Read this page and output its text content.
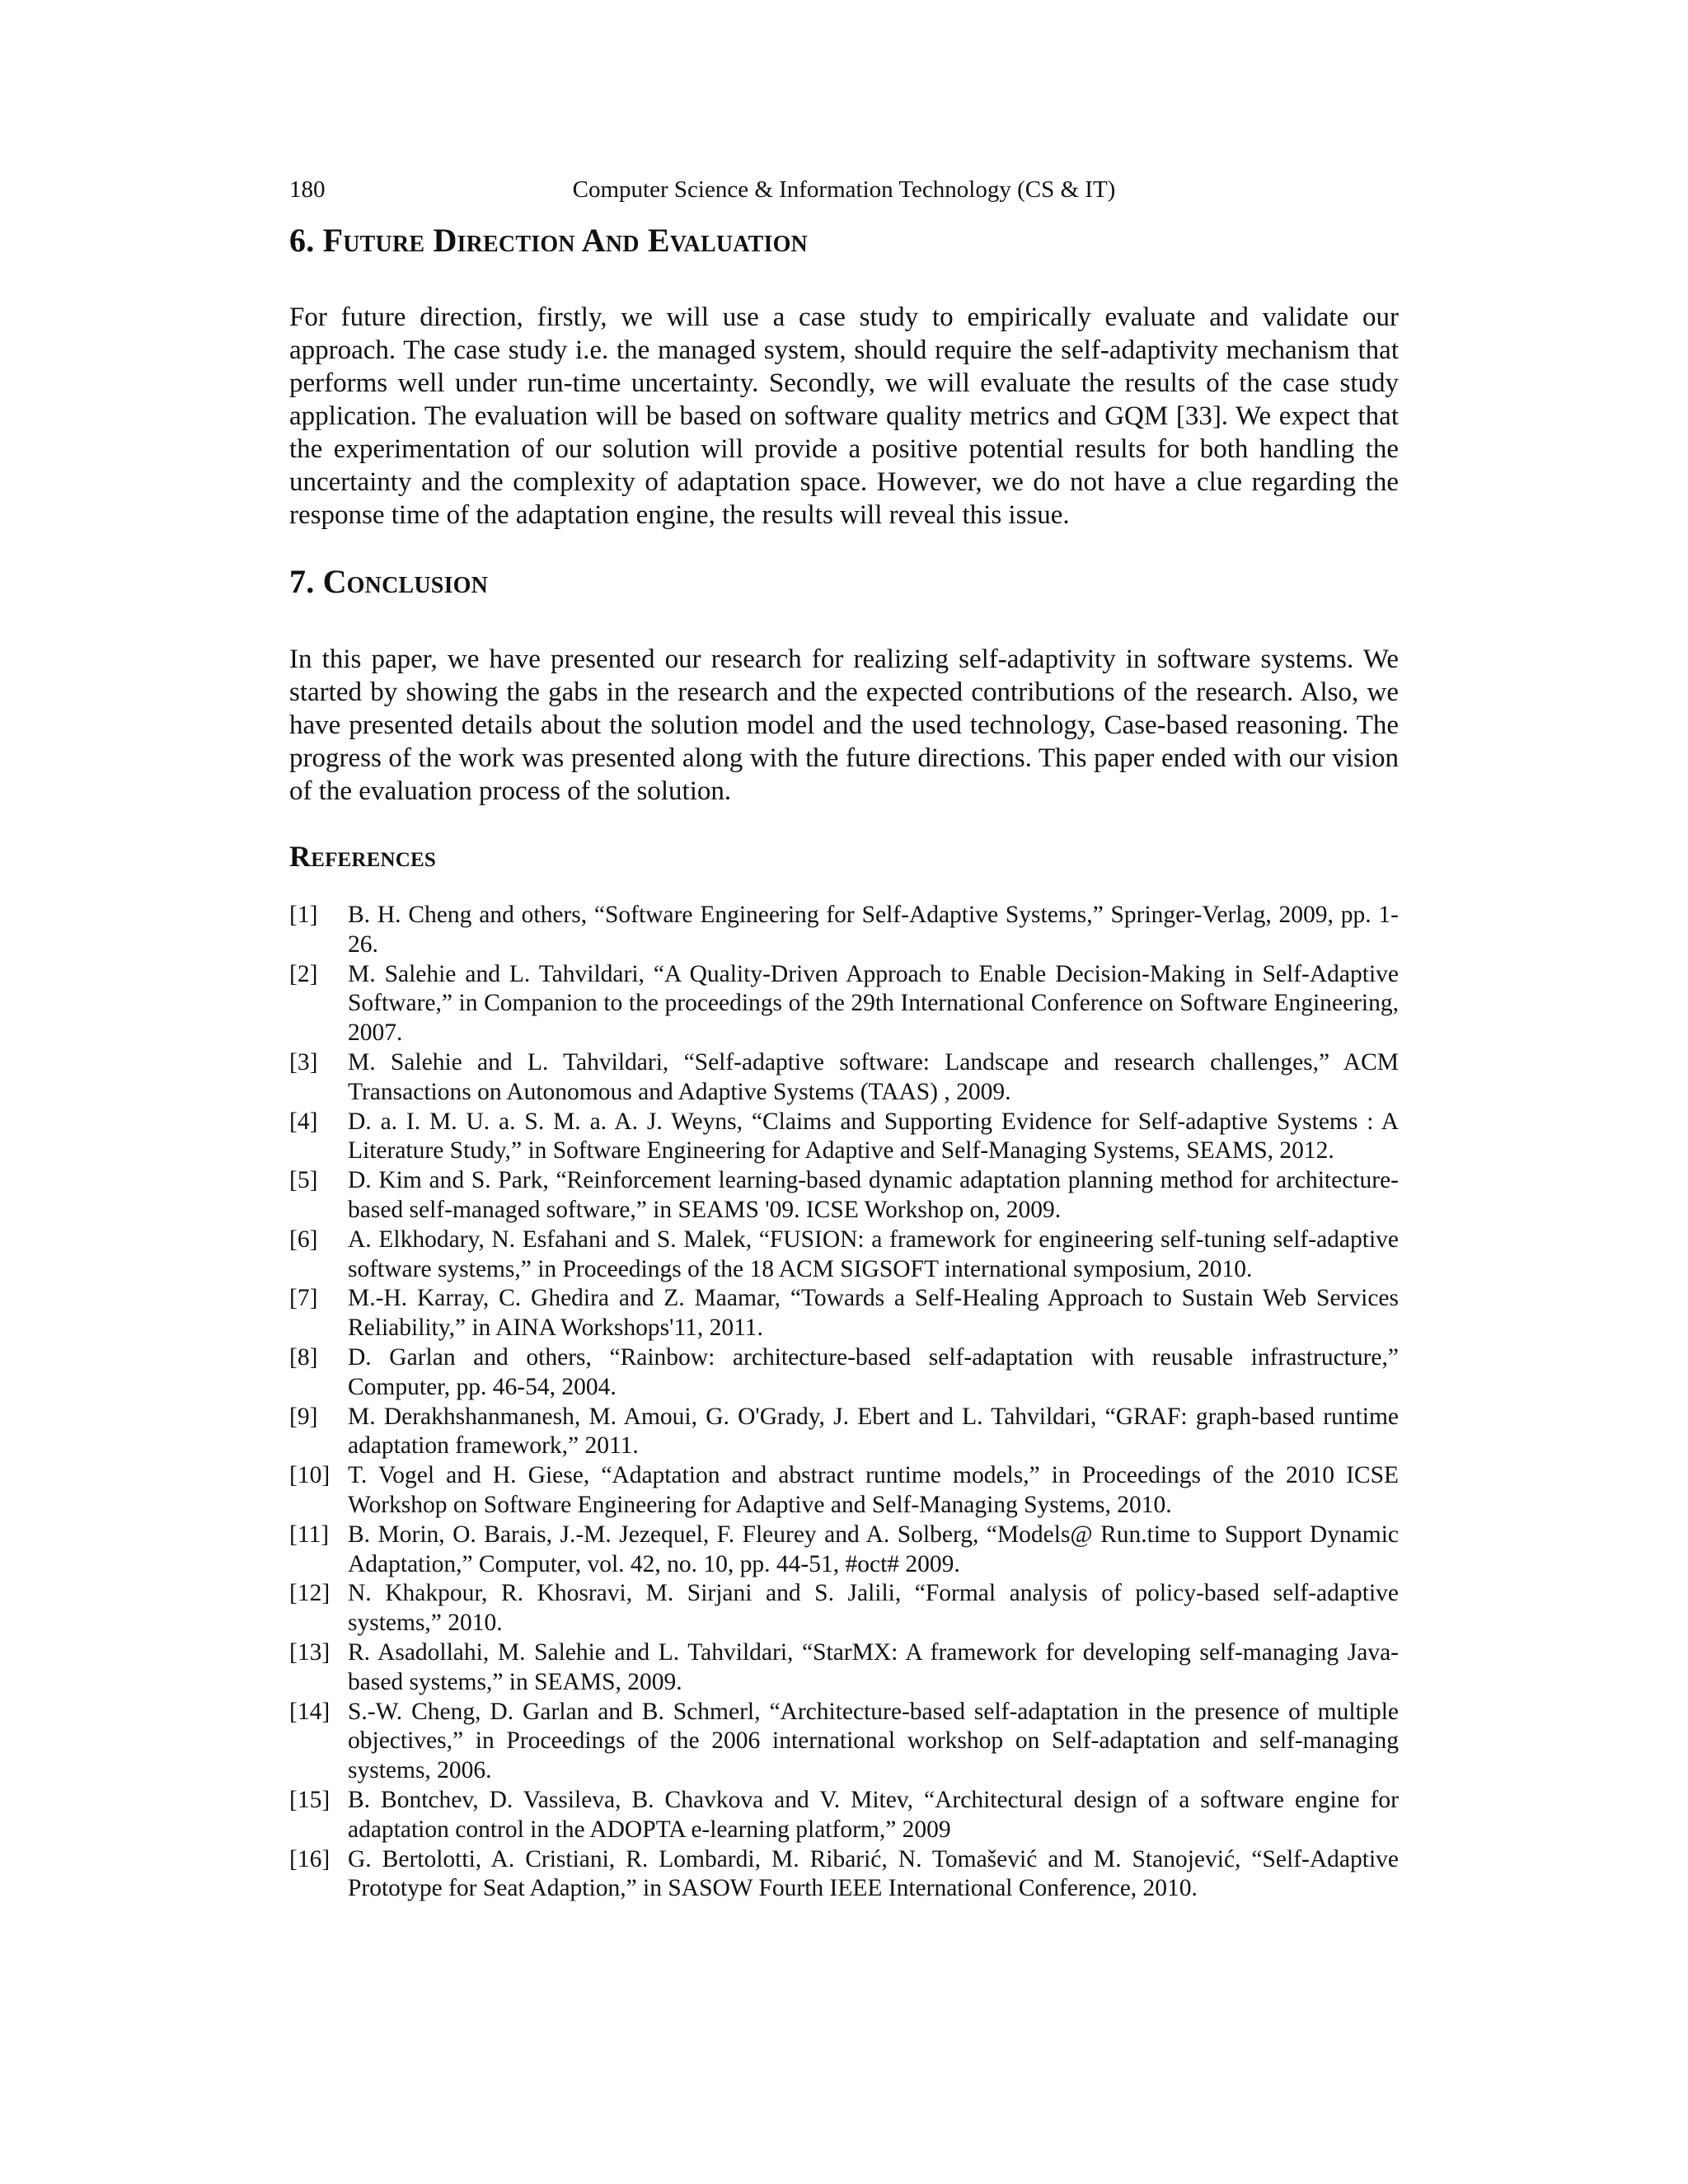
180	Computer Science & Information Technology (CS & IT)
6. Future Direction And Evaluation

For future direction, firstly, we will use a case study to empirically evaluate and validate our approach. The case study i.e. the managed system, should require the self-adaptivity mechanism that performs well under run-time uncertainty. Secondly, we will evaluate the results of the case study application. The evaluation will be based on software quality metrics and GQM [33]. We expect that the experimentation of our solution will provide a positive potential results for both handling the uncertainty and the complexity of adaptation space. However, we do not have a clue regarding the response time of the adaptation engine, the results will reveal this issue.

7. Conclusion

In this paper, we have presented our research for realizing self-adaptivity in software systems. We started by showing the gabs in the research and the expected contributions of the research. Also, we have presented details about the solution model and the used technology, Case-based reasoning. The progress of the work was presented along with the future directions. This paper ended with our vision of the evaluation process of the solution.

References
[1]	B. H. Cheng and others, “Software Engineering for Self-Adaptive Systems,” Springer-Verlag, 2009, pp. 1-26.
[2]	M. Salehie and L. Tahvildari, “A Quality-Driven Approach to Enable Decision-Making in Self-Adaptive Software,” in Companion to the proceedings of the 29th International Conference on Software Engineering, 2007.
[3]	M. Salehie and L. Tahvildari, “Self-adaptive software: Landscape and research challenges,” ACM Transactions on Autonomous and Adaptive Systems (TAAS) , 2009.
[4]	D. a. I. M. U. a. S. M. a. A. J. Weyns, “Claims and Supporting Evidence for Self-adaptive Systems : A Literature Study,” in Software Engineering for Adaptive and Self-Managing Systems, SEAMS, 2012.
[5]	D. Kim and S. Park, “Reinforcement learning-based dynamic adaptation planning method for architecture-based self-managed software,” in SEAMS '09. ICSE Workshop on, 2009.
[6]	A. Elkhodary, N. Esfahani and S. Malek, “FUSION: a framework for engineering self-tuning self-adaptive software systems,” in Proceedings of the 18 ACM SIGSOFT international symposium, 2010.
[7]	M.-H. Karray, C. Ghedira and Z. Maamar, “Towards a Self-Healing Approach to Sustain Web Services Reliability,” in AINA Workshops'11, 2011.
[8]	D. Garlan and others, “Rainbow: architecture-based self-adaptation with reusable infrastructure,” Computer, pp. 46-54, 2004.
[9]	M. Derakhshanmanesh, M. Amoui, G. O'Grady, J. Ebert and L. Tahvildari, “GRAF: graph-based runtime adaptation framework,” 2011.
[10] T. Vogel and H. Giese, “Adaptation and abstract runtime models,” in Proceedings of the 2010 ICSE Workshop on Software Engineering for Adaptive and Self-Managing Systems, 2010.
[11] B. Morin, O. Barais, J.-M. Jezequel, F. Fleurey and A. Solberg, “Models@ Run.time to Support Dynamic Adaptation,” Computer, vol. 42, no. 10, pp. 44-51, #oct# 2009.
[12] N. Khakpour, R. Khosravi, M. Sirjani and S. Jalili, “Formal analysis of policy-based self-adaptive systems,” 2010.
[13] R. Asadollahi, M. Salehie and L. Tahvildari, “StarMX: A framework for developing self-managing Java-based systems,” in SEAMS, 2009.
[14] S.-W. Cheng, D. Garlan and B. Schmerl, “Architecture-based self-adaptation in the presence of multiple objectives,” in Proceedings of the 2006 international workshop on Self-adaptation and self-managing systems, 2006.
[15] B. Bontchev, D. Vassileva, B. Chavkova and V. Mitev, “Architectural design of a software engine for adaptation control in the ADOPTA e-learning platform,” 2009
[16] G. Bertolotti, A. Cristiani, R. Lombardi, M. Ribarić, N. Tomašević and M. Stanojević, “Self-Adaptive Prototype for Seat Adaption,” in SASOW Fourth IEEE International Conference, 2010.
